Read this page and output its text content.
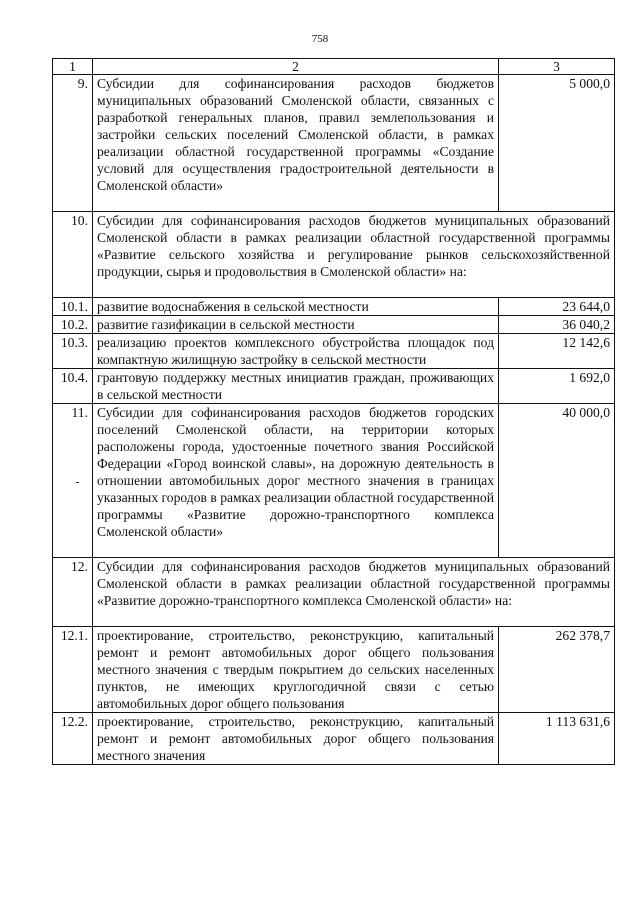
758
1	2	3
9.	Субсидии для софинансирования расходов бюджетов муниципальных образований Смоленской области, связанных с разработкой генеральных планов, правил землепользования и застройки сельских поселений Смоленской области, в рамках реализации областной государственной программы «Создание условий для осуществления градостроительной деятельности в Смоленской области»	5 000,0
10.	Субсидии для софинансирования расходов бюджетов муниципальных образований Смоленской области в рамках реализации областной государственной программы «Развитие сельского хозяйства и регулирование рынков сельскохозяйственной продукции, сырья и продовольствия в Смоленской области» на:	
10.1.	развитие водоснабжения в сельской местности	23 644,0
10.2.	развитие газификации в сельской местности	36 040,2
10.3.	реализацию проектов комплексного обустройства площадок под компактную жилищную застройку в сельской местности	12 142,6
10.4.	грантовую поддержку местных инициатив граждан, проживающих в сельской местности	1 692,0
11.	Субсидии для софинансирования расходов бюджетов городских поселений Смоленской области, на территории которых расположены города, удостоенные почетного звания Российской Федерации «Город воинской славы», на дорожную деятельность в отношении автомобильных дорог местного значения в границах указанных городов в рамках реализации областной государственной программы «Развитие дорожно-транспортного комплекса Смоленской области»	40 000,0
12.	Субсидии для софинансирования расходов бюджетов муниципальных образований Смоленской области в рамках реализации областной государственной программы «Развитие дорожно-транспортного комплекса Смоленской области» на:	
12.1.	проектирование, строительство, реконструкцию, капитальный ремонт и ремонт автомобильных дорог общего пользования местного значения с твердым покрытием до сельских населенных пунктов, не имеющих круглогодичной связи с сетью автомобильных дорог общего пользования	262 378,7
12.2.	проектирование, строительство, реконструкцию, капитальный ремонт и ремонт автомобильных дорог общего пользования местного значения	1 113 631,6
